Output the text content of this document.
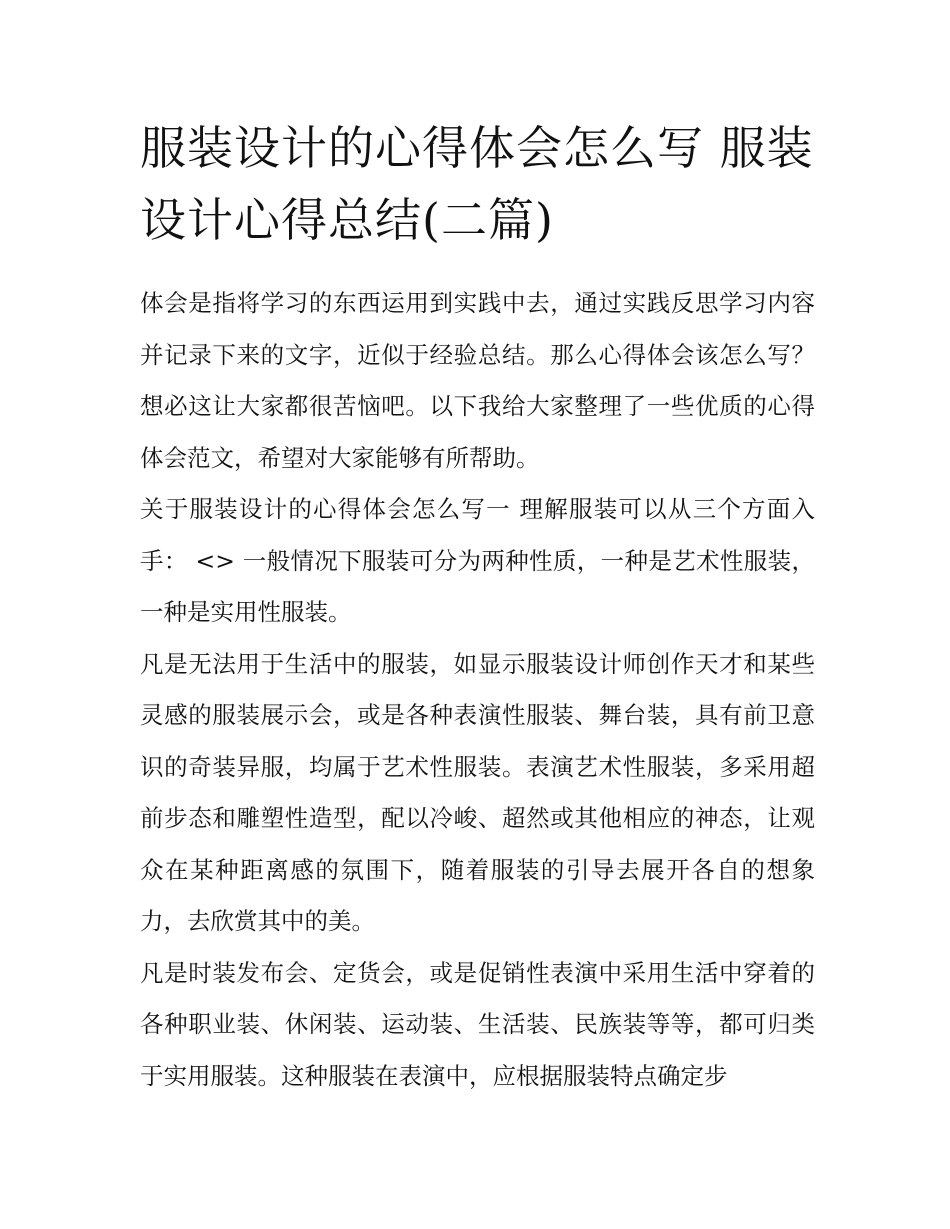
服装设计的心得体会怎么写 服装设计心得总结(二篇)

体会是指将学习的东西运用到实践中去，通过实践反思学习内容并记录下来的文字，近似于经验总结。那么心得体会该怎么写？想必这让大家都很苦恼吧。以下我给大家整理了一些优质的心得体会范文，希望对大家能够有所帮助。

关于服装设计的心得体会怎么写一 理解服装可以从三个方面入手： <> 一般情况下服装可分为两种性质，一种是艺术性服装，一种是实用性服装。

凡是无法用于生活中的服装，如显示服装设计师创作天才和某些灵感的服装展示会，或是各种表演性服装、舞台装，具有前卫意识的奇装异服，均属于艺术性服装。表演艺术性服装，多采用超前步态和雕塑性造型，配以冷峻、超然或其他相应的神态，让观众在某种距离感的氛围下，随着服装的引导去展开各自的想象力，去欣赏其中的美。

凡是时装发布会、定货会，或是促销性表演中采用生活中穿着的各种职业装、休闲装、运动装、生活装、民族装等等，都可归类于实用服装。这种服装在表演中，应根据服装特点确定步
